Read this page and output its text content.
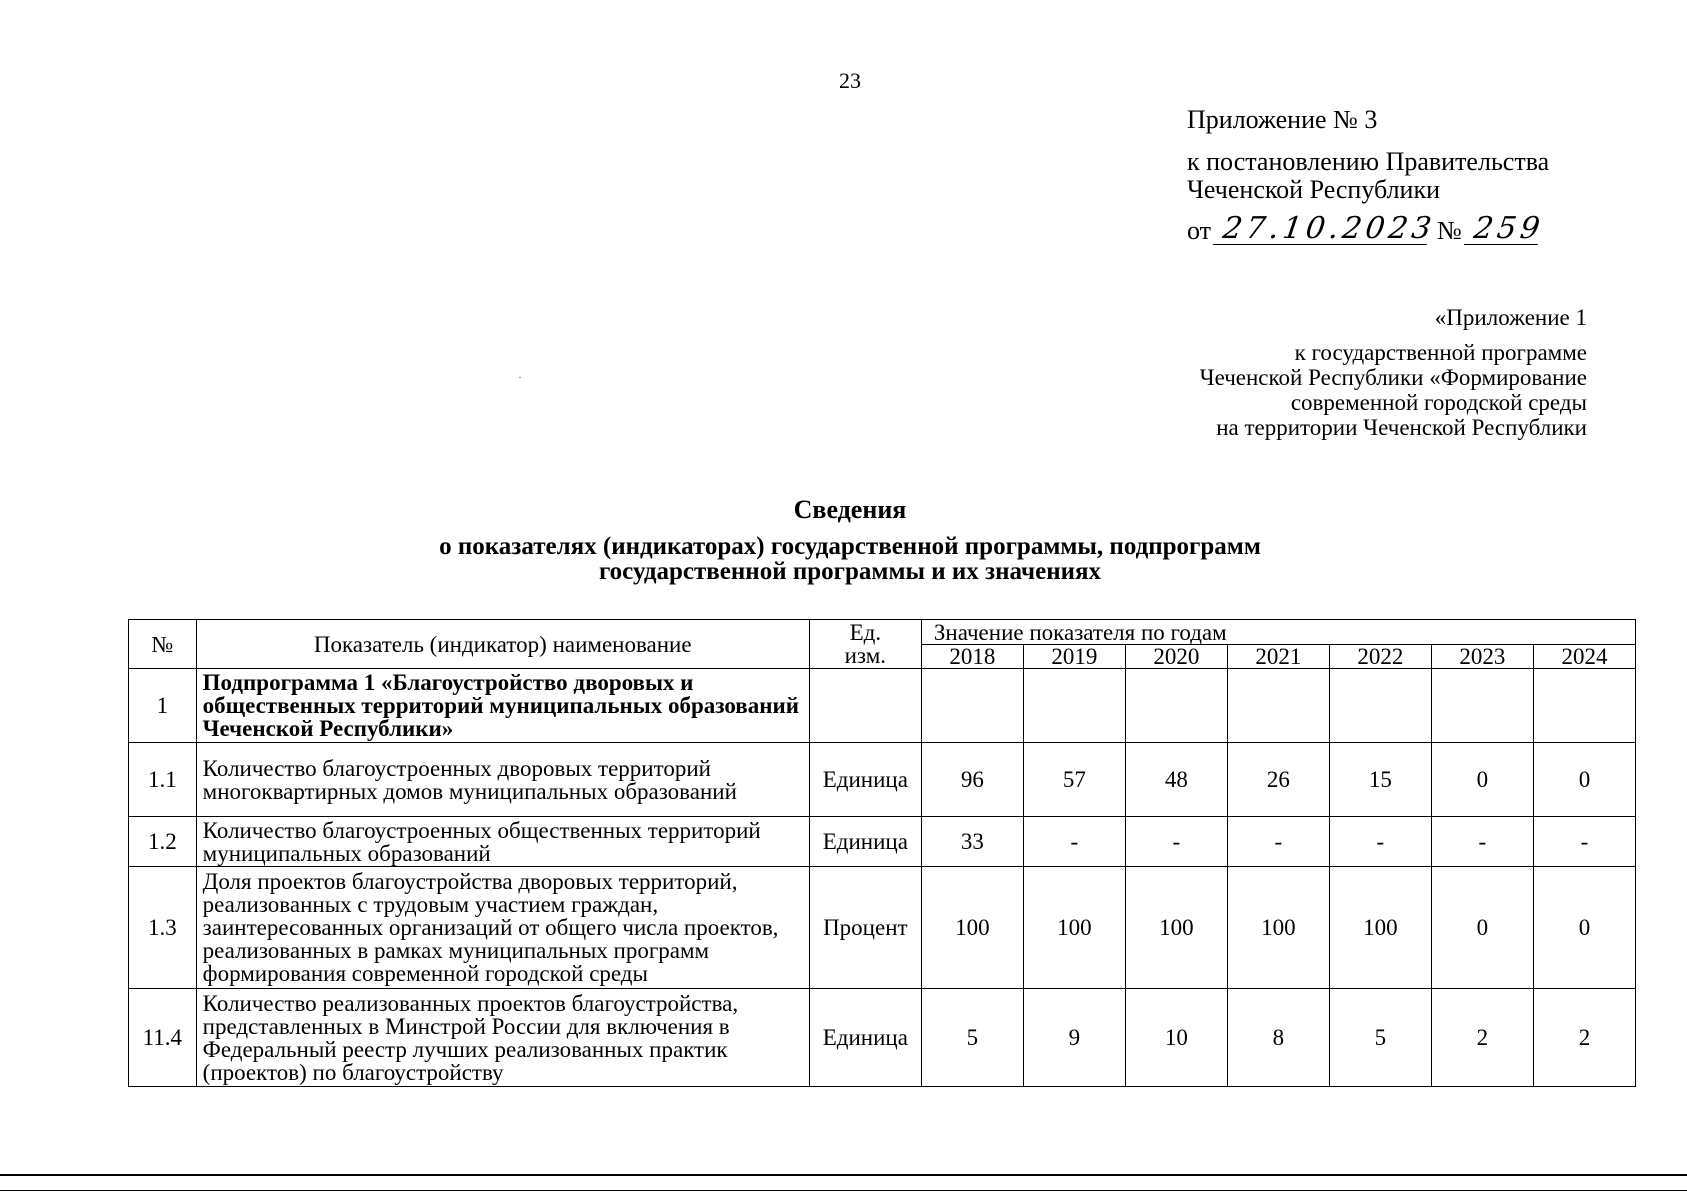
23
Приложение № 3
к постановлению Правительства
Чеченской Республики
от 27.10.2023 № 259
«Приложение 1
к государственной программе
Чеченской Республики «Формирование
современной городской среды
на территории Чеченской Республики
Сведения
о показателях (индикаторах) государственной программы, подпрограмм
государственной программы и их значениях
№	Показатель (индикатор) наименование	Ед.
изм.	Значение показателя по годам						
			2018	2019	2020	2021	2022	2023	2024
1	Подпрограмма 1 «Благоустройство дворовых и общественных территорий муниципальных образований Чеченской Республики»								
1.1	Количество благоустроенных дворовых территорий многоквартирных домов муниципальных образований	Единица	96	57	48	26	15	0	0
1.2	Количество благоустроенных общественных территорий муниципальных образований	Единица	33	-	-	-	-	-	-
1.3	Доля проектов благоустройства дворовых территорий, реализованных с трудовым участием граждан, заинтересованных организаций от общего числа проектов, реализованных в рамках муниципальных программ формирования современной городской среды	Процент	100	100	100	100	100	0	0
11.4	Количество реализованных проектов благоустройства, представленных в Минстрой России для включения в Федеральный реестр лучших реализованных практик (проектов) по благоустройству	Единица	5	9	10	8	5	2	2
